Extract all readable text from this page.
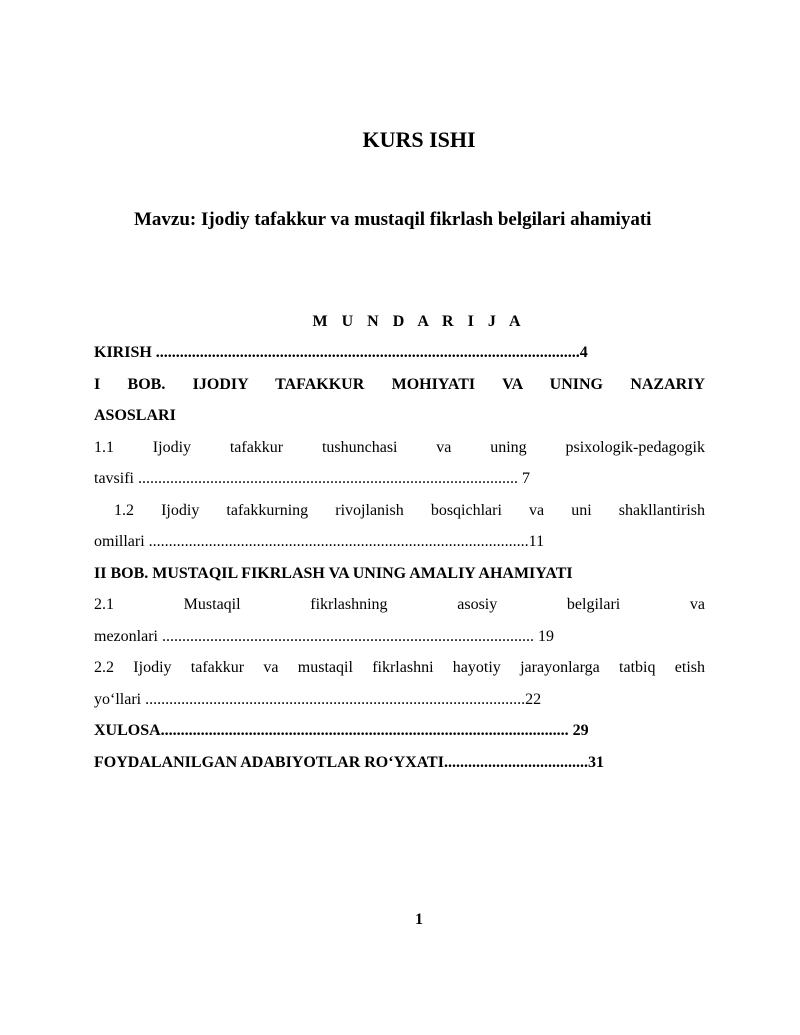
KURS ISHI
Mavzu: Ijodiy tafakkur va mustaqil fikrlash belgilari ahamiyati
M U N D A R I J A
KIRISH ..........................................................................................................4
I BOB. IJODIY TAFAKKUR MOHIYATI VA UNING NAZARIY
ASOSLARI
1.1 Ijodiy tafakkur tushunchasi va uning psixologik-pedagogik
tavsifi ............................................................................................... 7
1.2 Ijodiy tafakkurning rivojlanish bosqichlari va uni shakllantirish
omillari ...............................................................................................11
II BOB. MUSTAQIL FIKRLASH VA UNING AMALIY AHAMIYATI
2.1 Mustaqil fikrlashning asosiy belgilari va
mezonlari ............................................................................................. 19
2.2 Ijodiy tafakkur va mustaqil fikrlashni hayotiy jarayonlarga tatbiq etish
yo‘llari ...............................................................................................22
XULOSA...................................................................................................... 29
FOYDALANILGAN ADABIYOTLAR RO‘YXATI....................................31
1
